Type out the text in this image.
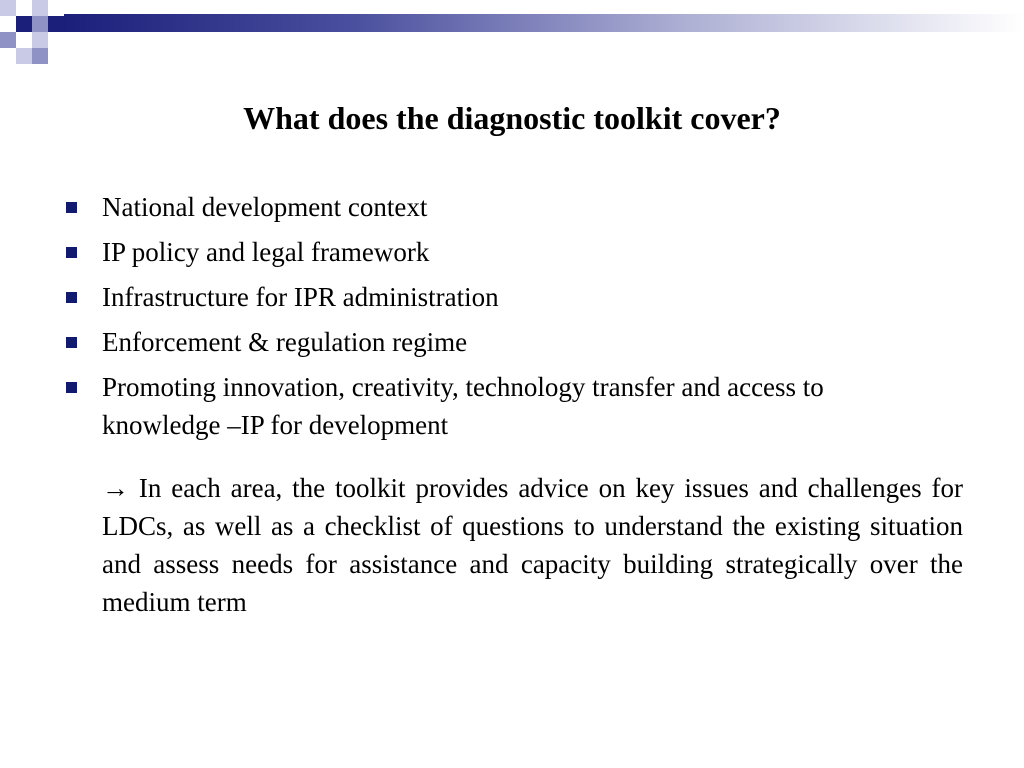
What does the diagnostic toolkit cover?
National development context
IP policy and legal framework
Infrastructure for IPR administration
Enforcement & regulation regime
Promoting innovation, creativity, technology transfer and access to knowledge –IP for development

→ In each area, the toolkit provides advice on key issues and challenges for LDCs, as well as a checklist of questions to understand the existing situation and assess needs for assistance and capacity building strategically over the medium term
